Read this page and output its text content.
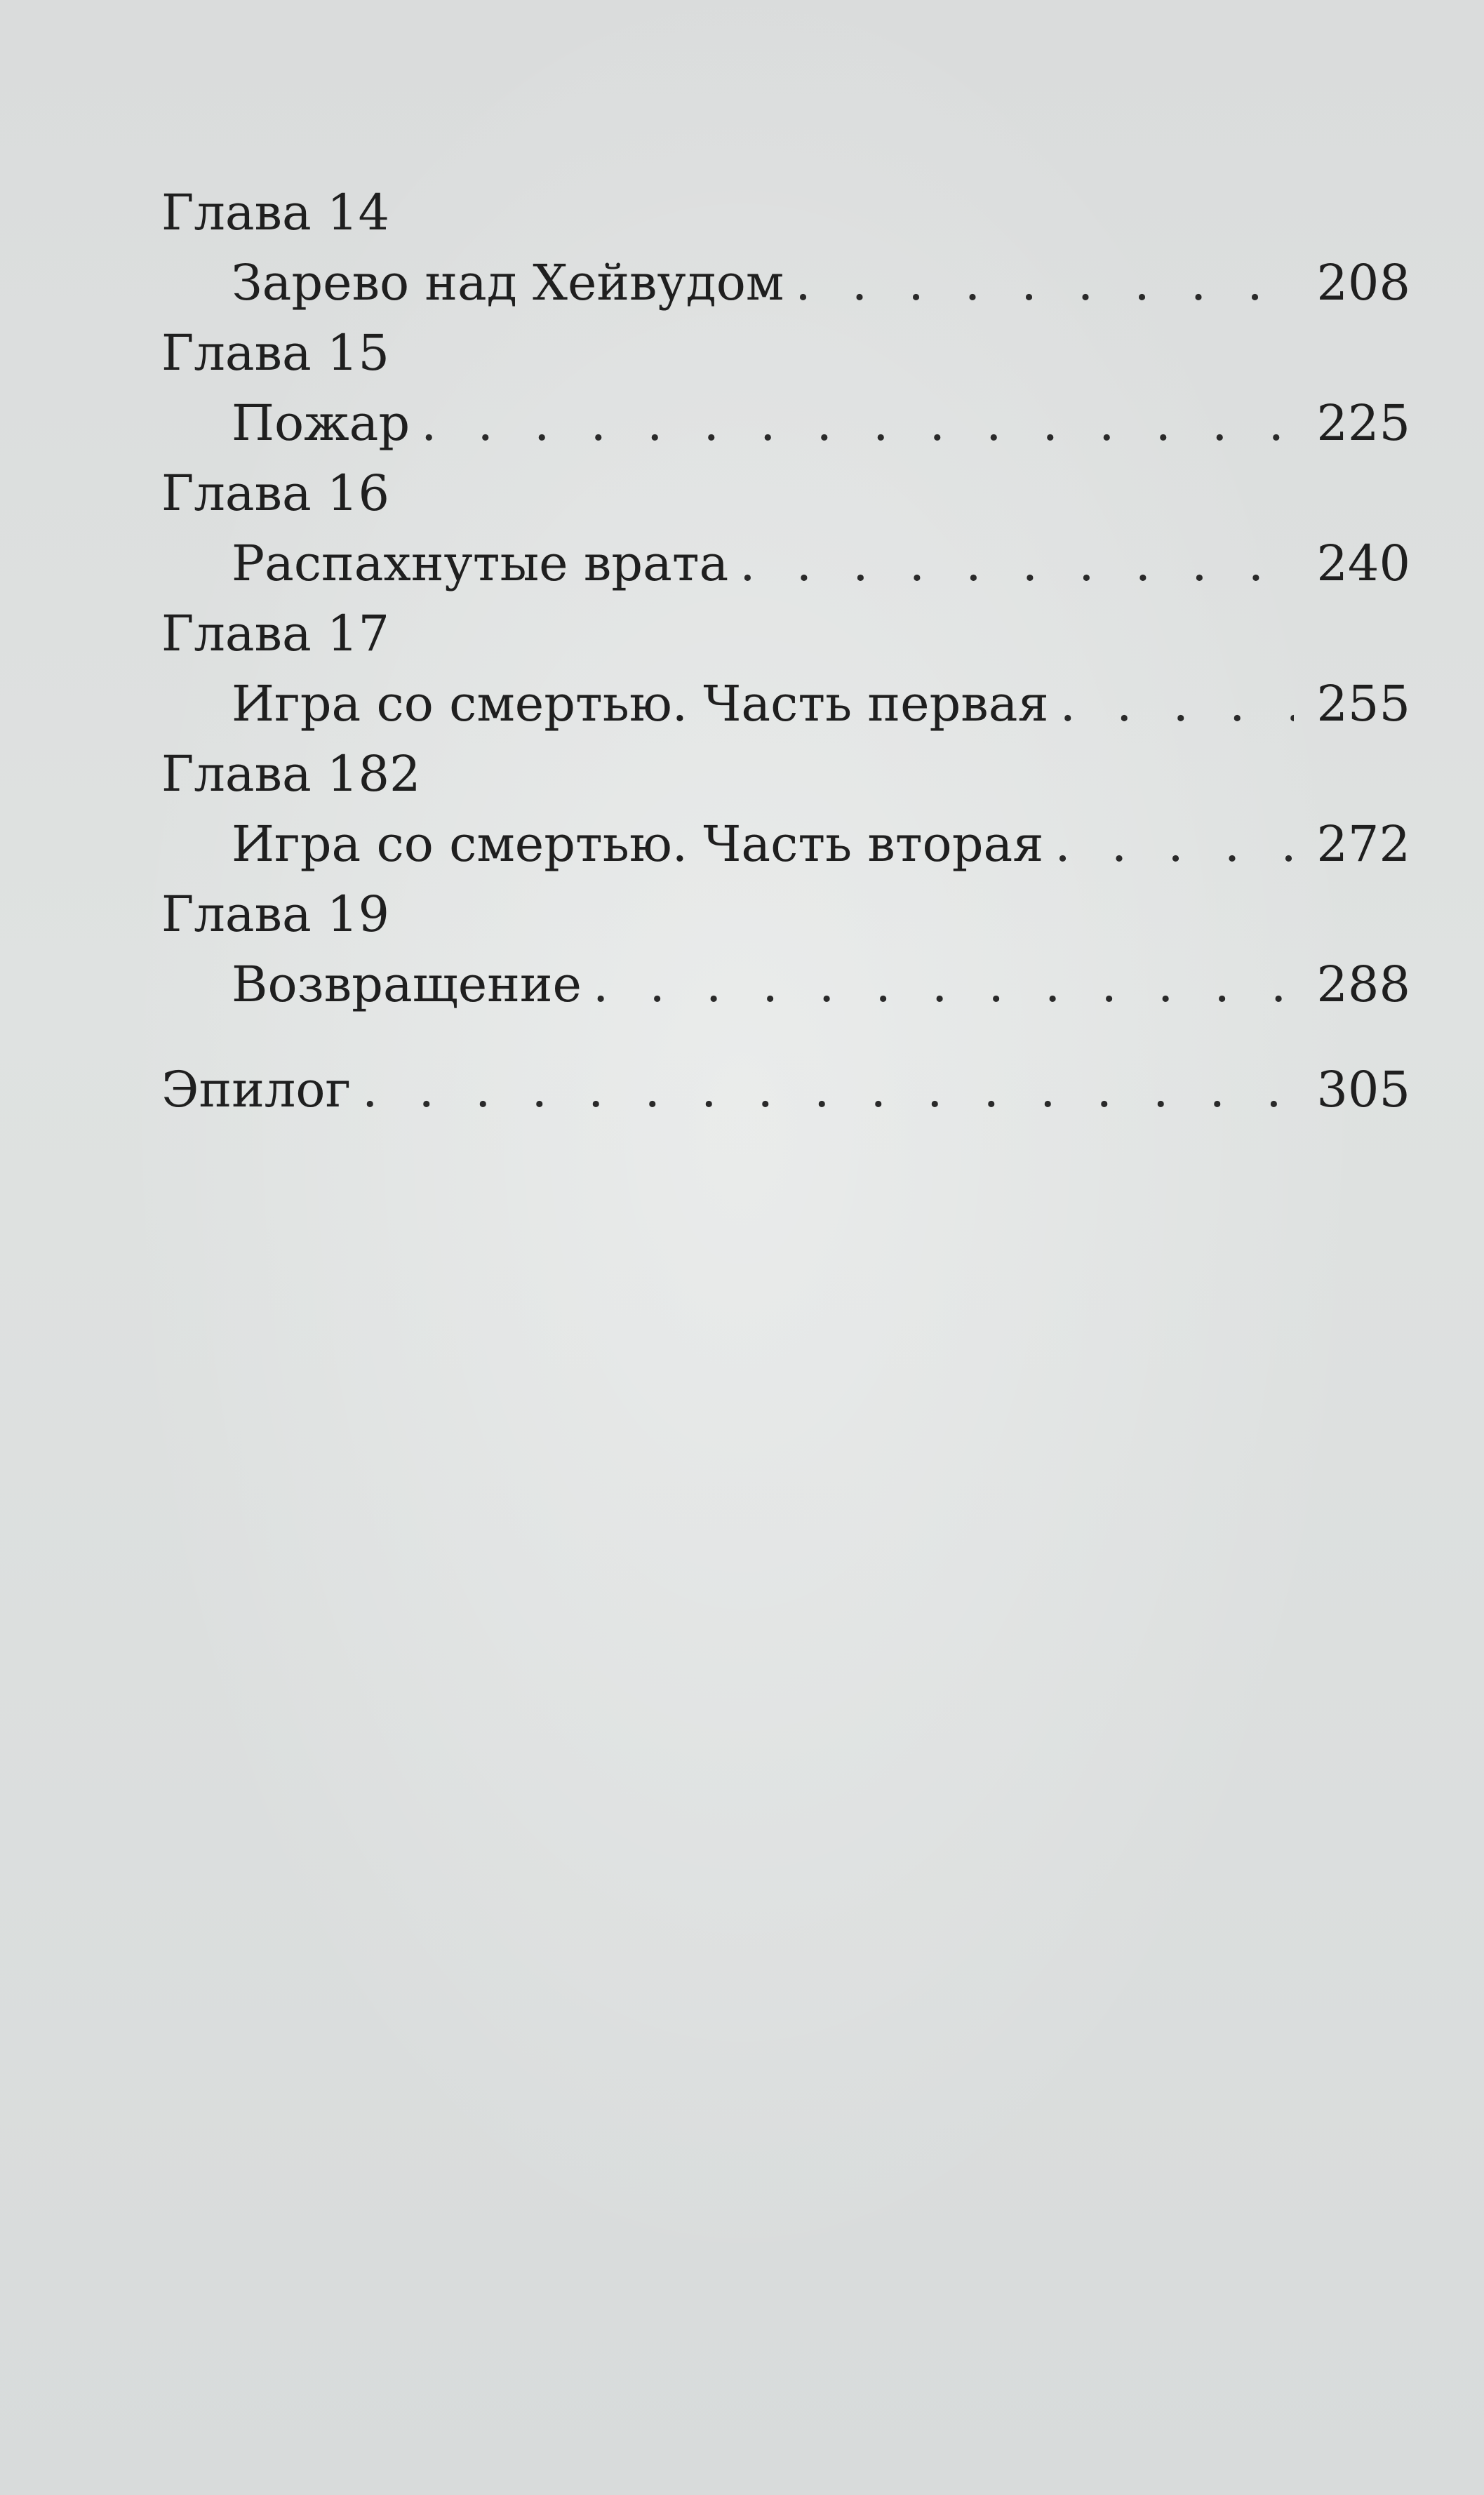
Глава 14
Зарево над Хейвудом . . .	208
Глава 15
Пожар . . .	225
Глава 16
Распахнутые врата . . .	240
Глава 17
Игра со смертью. Часть первая . . .	255
Глава 182
Игра со смертью. Часть вторая . . .	272
Глава 19
Возвращение . . .	288
Эпилог . . .	305
